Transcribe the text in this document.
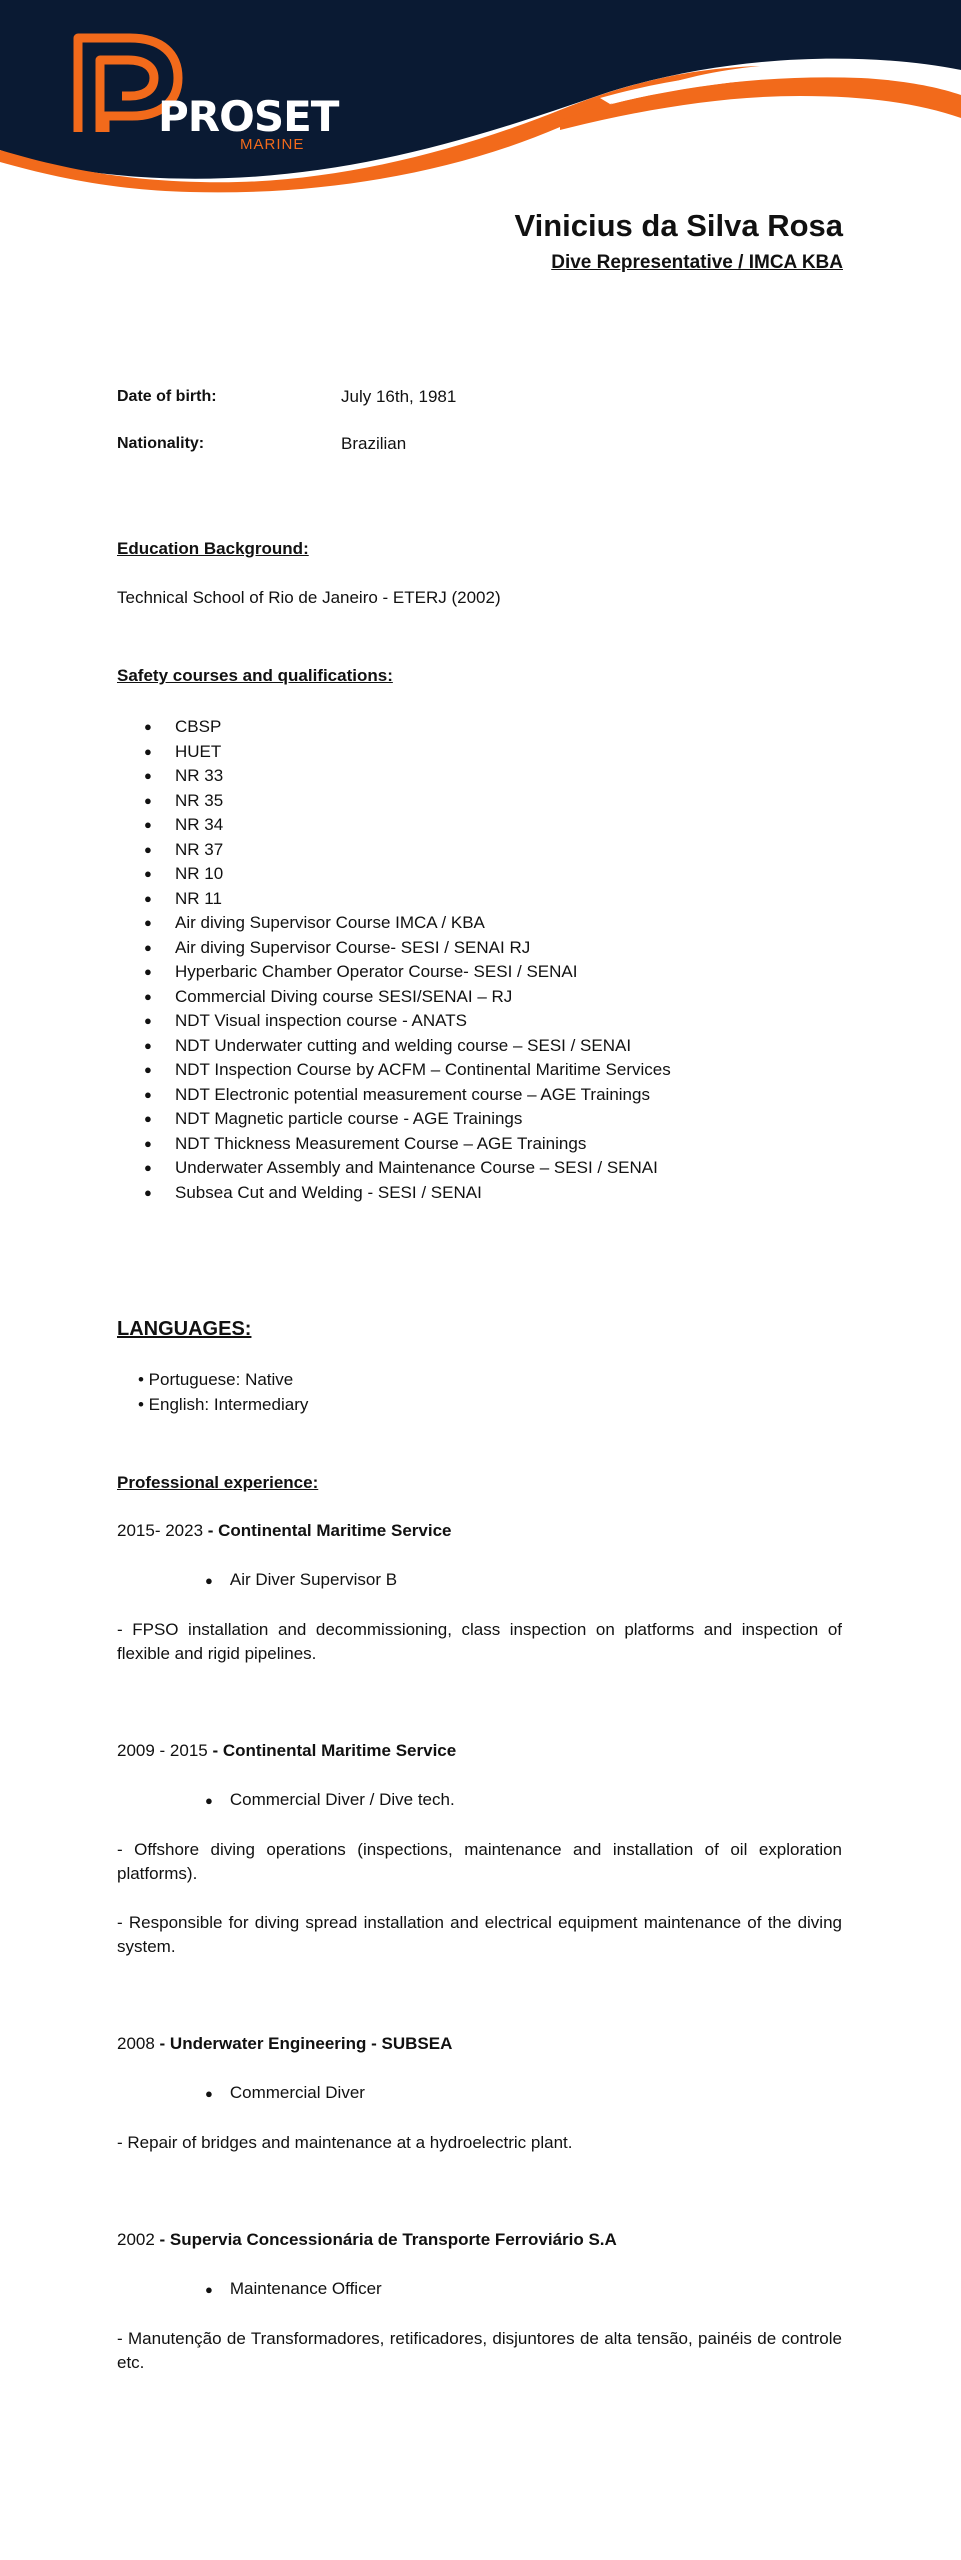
PROSET
MARINE
Vinicius da Silva Rosa
Dive Representative / IMCA KBA
Date of birth:	July 16th, 1981
Nationality:	Brazilian
Education Background:
Technical School of Rio de Janeiro - ETERJ (2002)
Safety courses and qualifications:
● CBSP
● HUET
● NR 33
● NR 35
● NR 34
● NR 37
● NR 10
● NR 11
● Air diving Supervisor Course IMCA / KBA
● Air diving Supervisor Course- SESI / SENAI RJ
● Hyperbaric Chamber Operator Course- SESI / SENAI
● Commercial Diving course SESI/SENAI – RJ
● NDT Visual inspection course - ANATS
● NDT Underwater cutting and welding course – SESI / SENAI
● NDT Inspection Course by ACFM – Continental Maritime Services
● NDT Electronic potential measurement course – AGE Trainings
● NDT Magnetic particle course - AGE Trainings
● NDT Thickness Measurement Course – AGE Trainings
● Underwater Assembly and Maintenance Course – SESI / SENAI
● Subsea Cut and Welding - SESI / SENAI
LANGUAGES:
• Portuguese: Native
• English: Intermediary
Professional experience:
2015- 2023 - Continental Maritime Service
● Air Diver Supervisor B
- FPSO installation and decommissioning, class inspection on platforms and inspection of flexible and rigid pipelines.
2009 - 2015 - Continental Maritime Service
● Commercial Diver / Dive tech.
- Offshore diving operations (inspections, maintenance and installation of oil exploration platforms).
- Responsible for diving spread installation and electrical equipment maintenance of the diving system.
2008 - Underwater Engineering - SUBSEA
● Commercial Diver
- Repair of bridges and maintenance at a hydroelectric plant.
2002 - Supervia Concessionária de Transporte Ferroviário S.A
● Maintenance Officer
- Manutenção de Transformadores, retificadores, disjuntores de alta tensão, painéis de controle etc.
